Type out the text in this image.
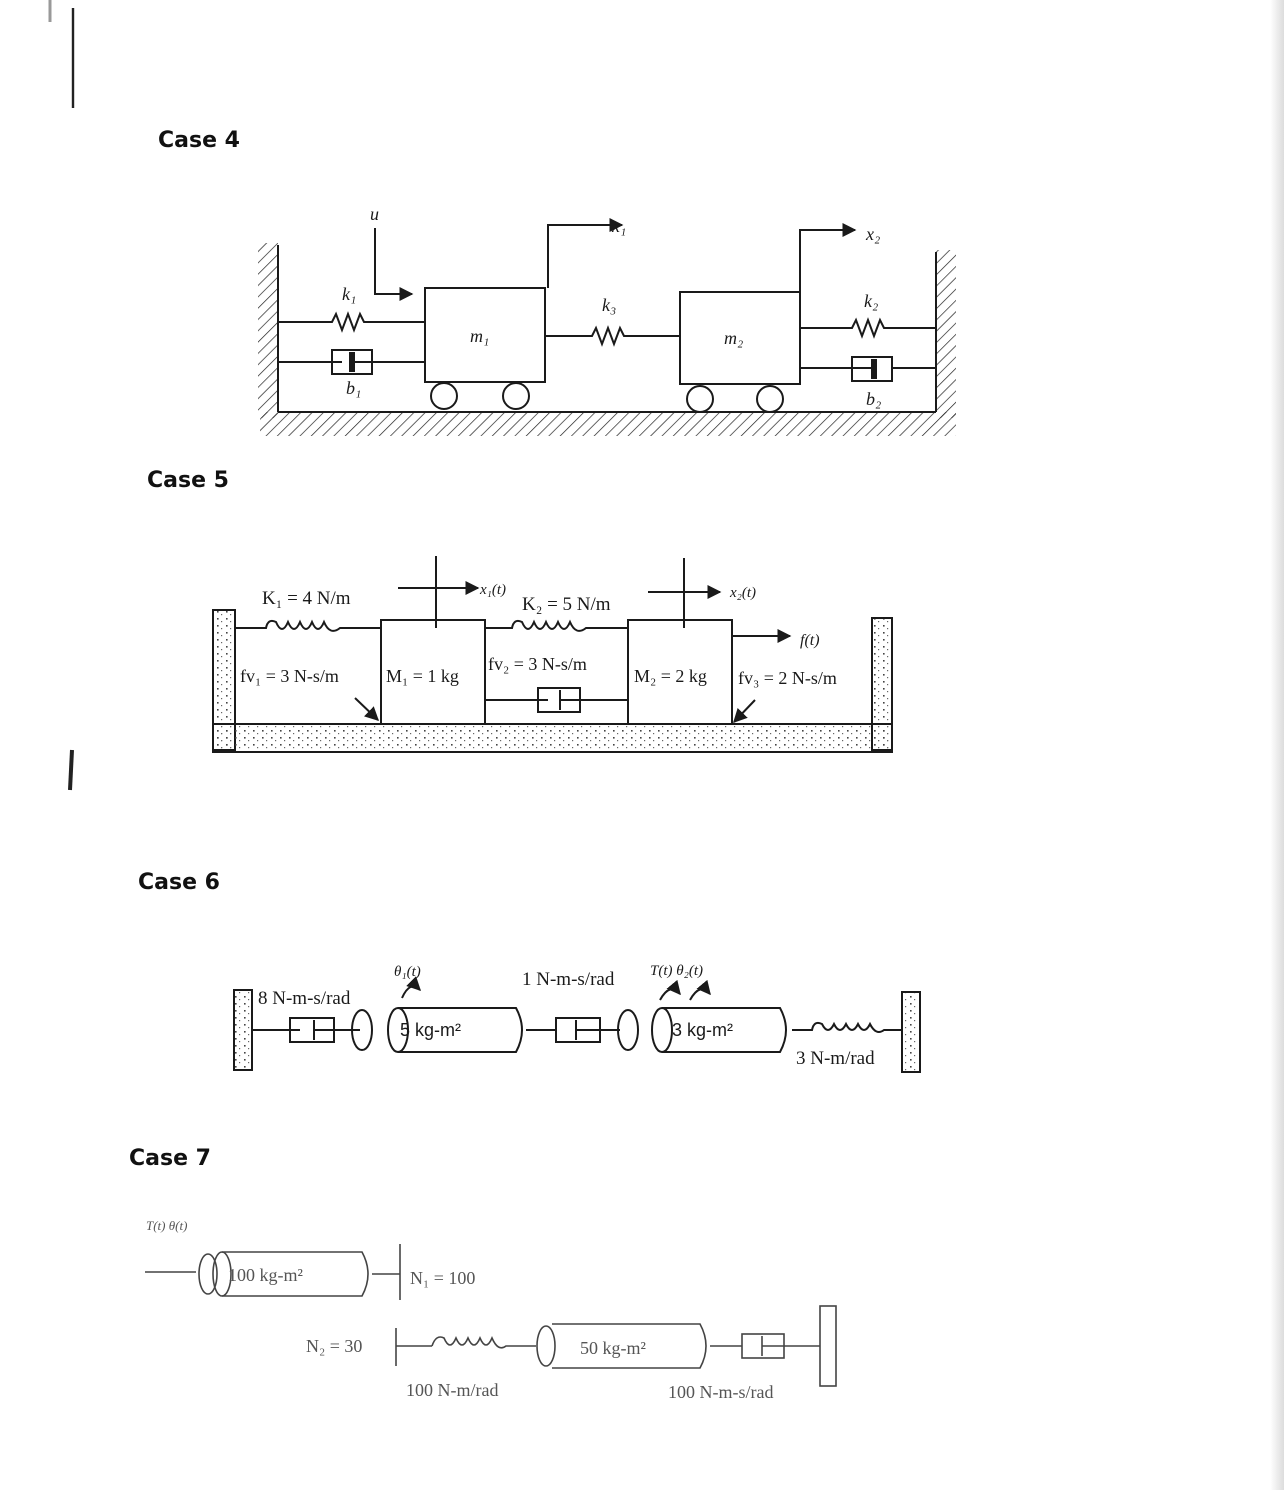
Case 4
Case 5
Case 6
Case 7
u
k₁
b₁
m₁
x₁
k₃
m₂
x₂
k₂
b₂
K₁ = 4 N/m	x₁(t)
K₂ = 5 N/m
x₂(t)
f(t)
fv₁ = 3 N-s/m	M₁ = 1 kg
fv₂ = 3 N-s/m
M₂ = 2 kg fv₃ = 2 N-s/m
θ₁(t)
8 N-m-s/rad
5 kg-m²
1 N-m-s/rad T(t) θ₂(t)
3 kg-m²
3 N-m/rad
T(t) θ(t)
100 kg-m²	N₁ = 100
N₂ = 30	50 kg-m²
100 N-m/rad	100 N-m-s/rad
